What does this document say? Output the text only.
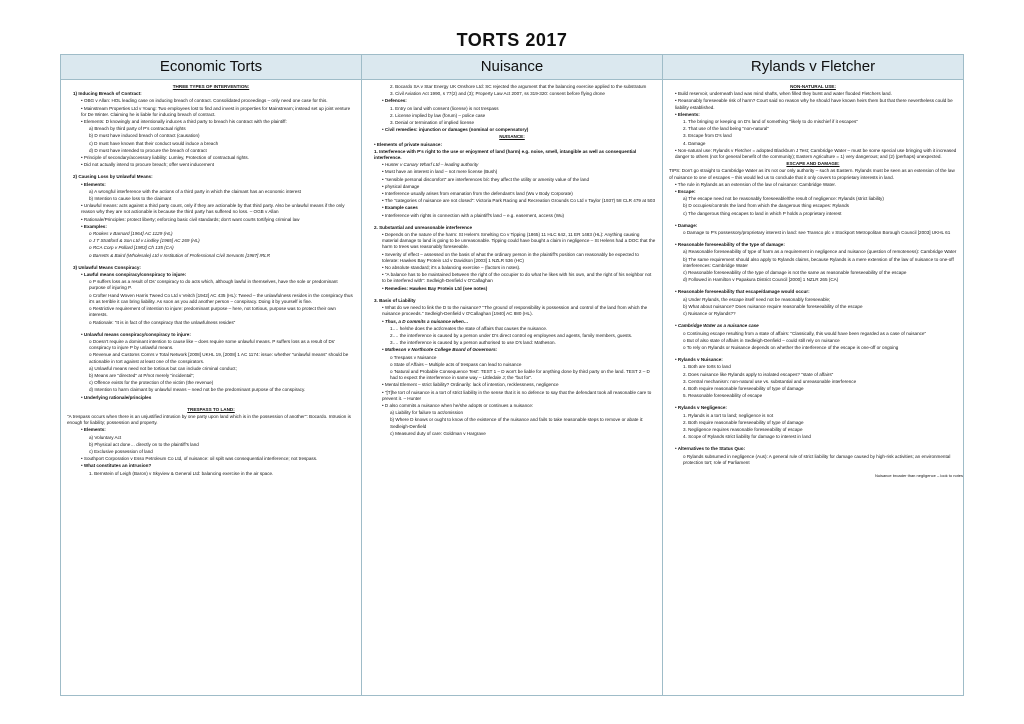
TORTS 2017
Economic Torts
THREE TYPES OF INTERVENTION:
1) Inducing Breach of Contract:
• OBG v Allan: HOL leading case on inducing breach of contract. Consolidated proceedings – only need one case for this.
• Mainstream Properties Ltd v Young: Two employees lost to find and invest in properties for Mainstream; instead set up joint venture for De Winter. Claiming he is liable for inducing breach of contract.
• Elements: D knowingly and intentionally induces a third party to breach his contract with the plaintiff:
a) Breach by third party of P's contractual rights
b) D must have induced breach of contract (causation)
c) D must have known that their conduct would induce a breach
d) D must have intended to procure the breach of contract
• Principle of secondary/accessory liability: Lumley, Protection of contractual rights.
• Did not actually intend to procure breach; offer went inducement
2) Causing Loss by Unlawful Means:
• Elements:
a) A wrongful interference with the actions of a third party in which the claimant has an economic interest
b) Intention to cause loss to the claimant
• Unlawful means: acts against a third party count, only if they are actionable by that third party. Also be unlawful means if the only reason why they are not actionable is because the third party has suffered no loss. – OGB v Allan
• Rationale/Principles: protect liberty; enforcing basic civil standards; don't want courts tortifying criminal law
• Examples:
o Rookes v Barnard [1964] AC 1129 (HL)
o J T Stratford & Son Ltd v Lindley [1965] AC 269 (HL)
o RCA Corp v Pollard [1983] Ch 135 (CA)
o Barretts & Baird (Wholesale) Ltd v Institution of Professional Civil Servants [1987] IRLR
3) Unlawful Means Conspiracy:
• Lawful means conspiracy/conspiracy to injure:
o P suffers loss as a result of Ds' conspiracy to do acts which, although lawful in themselves, have the sole or predominant purpose of injuring P.
o Crofter Hand Woven Harris Tweed Co Ltd v Veitch [1942] AC 435 (HL): Tweed – the unlawfulness resides in the conspiracy thus it's as terrible it can bring liability. As soon as you add another person – conspiracy. Doing it by yourself is fine.
o Restrictive requirement of intention to injure: predominant purpose – here, not tortious, purpose was to protect their own interests.
o Rationale: "It is in fact of the conspiracy that the unlawfulness resides"
• Unlawful means conspiracy/conspiracy to injure:
o Doesn't require a dominant intention to cause like – does require some unlawful means. P suffers loss as a result of Ds' conspiracy to injure P by unlawful means.
o Revenue and Customs Comrs v Total Network [2008] UKHL 19, [2008] 1 AC 1174: issue: whether "unlawful means" should be actionable in tort against at least one of the conspirators.
a) Unlawful means need not be tortious but can include criminal conduct;
b) Means are "directed" at P/not merely "incidental";
c) Offence exists for the protection of the victim (the revenue)
d) Intention to harm claimant by unlawful means – need not be the predominant purpose of the conspiracy.
• Underlying rationale/principles
TRESPASS TO LAND:
"A trespass occurs when there is an unjustified intrusion by one party upon land which is in the possession of another": Bocardo. Intrusion is enough for liability; possession and property.
• Elements:
a) Voluntary Act
b) Physical act done… directly on to the plaintiff's land
c) Exclusive possession of land
• Southport Corporation v Esso Petroleum Co Ltd, of nuisance: oil spilt was consequential interference; not trespass.
• What constitutes an intrusion?
1. Bernstein of Leigh (Baron) v Skyview & General Ltd: balancing exercise in the air space.
Nuisance
2. Bocardo SA v Star Energy UK Onshore Ltd: SC rejected the argument that the balancing exercise applied to the substratum
3. Civil Aviation Act 1990, s 77(2) and (3); Property Law Act 2007, ss 319-320: consent before flying drone
• Defences:
1. Entry on land with consent (license) is not trespass
2. License implied by law (forum) – police case
3. Denial or termination of implied license
• Civil remedies: injunction or damages (nominal or compensatory)
NUISANCE:
• Elements of private nuisance:
1. Interference with P's right to the use or enjoyment of land (harm) e.g. noise, smell, intangible as well as consequential interference.
• Hunter v Canary Wharf Ltd – leading authority
• Must have an interest in land – not mere license (Bush)
• "sensible personal discomfort" are interferences b/c they affect the utility or amenity value of the land
• physical damage
• Interference usually arises from emanation from the defendant's land (Wu v Body Corporate)
• The "categories of nuisance are not closed": Victoria Park Racing and Recreation Grounds Co Ltd v Taylor (1937) 58 CLR 479 at 503
• Example cases
• Interference with rights in connection with a plaintiff's land – e.g. easement, access (Wu)
2. Substantial and unreasonable interference
• Depends on the nature of the harm: St Helen's Smelting Co v Tipping (1865) 11 HLC 642, 11 ER 1483 (HL): Anything causing material damage to land is going to be unreasonable. Tipping could have bought a claim in negligence – St Helens had a DOC that the harm to trees was reasonably foreseeable.
• Severity of effect – assessed on the basis of what the ordinary person in the plaintiff's position can reasonably be expected to tolerate: Hawkes Bay Protein Ltd v Davidson [2003] 1 NZLR 536 (HC)
• No absolute standard; it's a balancing exercise – (factors in notes).
• "A balance has to be maintained between the right of the occupier to do what he likes with his own, and the right of his neighbor not to be interfered with": Sedleigh-Denfield v O'Callaghan
• Remedies: Hawkes Bay Protein Ltd (see notes)
3. Basis of Liability
• What do we need to link the D to the nuisance? "The ground of responsibility is possession and control of the land from which the nuisance proceeds." Sedleigh-Denfield v O'Callaghan [1940] AC 880 (HL).
• Thus, a D commits a nuisance when…
1…. he/she does the act/creates the state of affairs that causes the nuisance.
2…. the interference is caused by a person under D's direct control eg employees and agents, family members, guests.
3…. the interference is caused by a person authorised to use D's land: Matheson.
• Matheson v Northcote College Board of Governors:
o Trespass v Nuisance
o State of Affairs – Multiple acts of trespass can lead to nuisance
o 'Natural and Probable Consequence Test': TEST 1 – D won't be liable for anything done by third party on the land. TEST 2 – D had to expect the interference in same way – Littledale J; the "but for".
• Mental Element – strict liability? Ordinarily: lack of intention, recklessness, negligence
• "[T]he tort of nuisance is a tort of strict liability in the sense that it is no defence to say that the defendant took all reasonable care to prevent it. – Hunter
• D also commits a nuisance when he/she adopts or continues a nuisance:
a) Liability for failure to act/omission
b) Where D knows or ought to know of the existence of the nuisance and fails to take reasonable steps to remove or abate it: Sedleigh-Denfield
c) Measured duty of care: Goldman v Hargrave
Rylands v Fletcher
NON-NATURAL USE:
• Build reservoir, underneath land was mind shafts, when filled they burst and water flooded Fletchers land.
• Reasonably foreseeable risk of harm? Court said no reason why he should have known heirs them but that there nevertheless could be liability established.
• Elements:
1. The bringing or keeping on D's land of something "likely to do mischief if it escapes"
2. That use of the land being "non-natural"
3. Escape from D's land
4. Damage
• Non-natural use: Rylands v Fletcher = adopted Blackburn J Test; Cambridge Water – must be some special use bringing with it increased danger to others (not for general benefit of the community); Eastern Agriculture = 1) very dangerous; and (2) (perhaps) unexpected.
ESCAPE AND DAMAGE:
TIPS: Don't go straight to Cambridge Water as it's not our only authority – such as Eastern. Rylands must be seen as an extension of the law of nuisance to one of escapes – this would led us to conclude that it only covers to proprietary interests in land.
• The rule in Rylands as an extension of the law of nuisance: Cambridge Water.
• Escape:
a) The escape need not be reasonably foreseeable/the result of negligence: Rylands (strict liability)
b) D occupies/controls the land from which the dangerous thing escapes: Rylands
c) The dangerous thing escapes to land in which P holds a proprietary interest
• Damage:
o Damage to P's possessory/proprietary interest in land: see Transco plc v Stockport Metropolitan Borough Council [2003] UKHL 61
• Reasonable foreseeability of the type of damage:
a) Reasonable foreseeability of type of harm as a requirement in negligence and nuisance (question of remoteness): Cambridge Water
b) The same requirement should also apply to Rylands claims, because Rylands is a mere extension of the law of nuisance to one-off interferences: Cambridge Water
c) Reasonable foreseeability of the type of damage is not the same as reasonable foreseeability of the escape
d) Followed in Hamilton v Papakura District Council [2000] 1 NZLR 265 (CA)
• Reasonable foreseeability that escape/damage would occur:
a) Under Rylands, the escape itself need not be reasonably foreseeable;
b) What about nuisance? Does nuisance require reasonable foreseeability of the escape
c) Nuisance or Rylands??
• Cambridge Water as a nuisance case
o Continuing escape resulting from a state of affairs: "Classically, this would have been regarded as a case of nuisance"
o But of also state of affairs in Sedleigh-Denfield – could still rely on nuisance
o To rely on Rylands or Nuisance depends on whether the interference of the escape is one-off or ongoing
• Rylands v Nuisance:
1. Both are torts to land
2. Does nuisance like Rylands apply to isolated escapes? "state of affairs"
3. Central mechanism: non-natural use vs. substantial and unreasonable interference
4. Both require reasonable foreseeability of type of damage
5. Reasonable foreseeability of escape
• Rylands v Negligence:
1. Rylands is a tort to land; negligence is not
2. Both require reasonable foreseeability of type of damage
3. Negligence requires reasonable foreseeability of escape
4. Scope of Rylands strict liability for damage to interest in land
• Alternatives to the Status Quo:
o Rylands subsumed in negligence (Aus): A general rule of strict liability for damage caused by high-risk activities; an environmental protection tort; role of Parliament
Nuisance broader than negligence – look to notes
